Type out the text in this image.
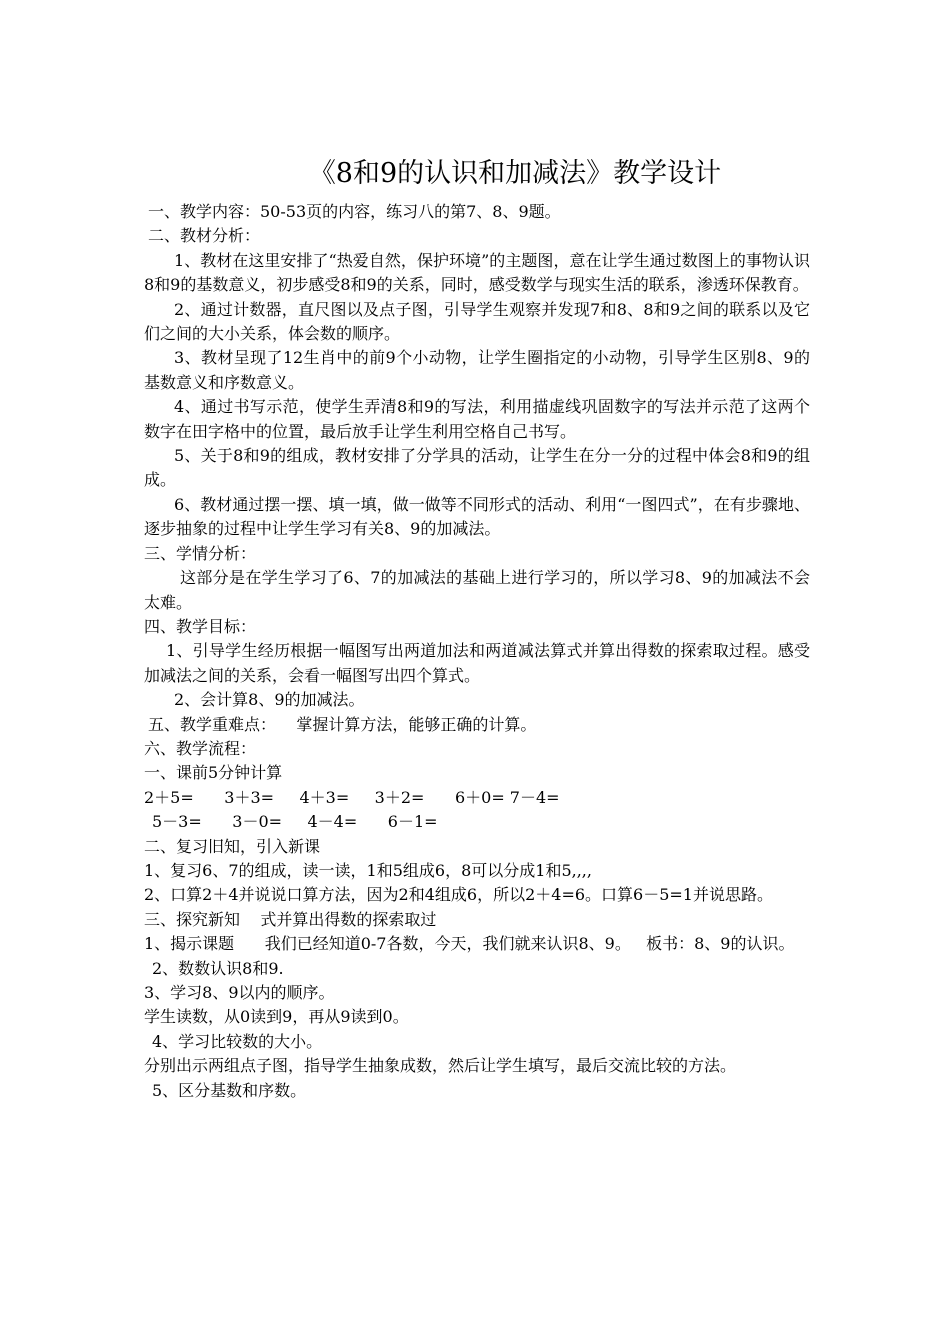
《8和9的认识和加减法》教学设计

一、教学内容：50-53页的内容，练习八的第7、8、9题。

二、教材分析：

1、教材在这里安排了“热爱自然，保护环境”的主题图，意在让学生通过数图上的事物认识8和9的基数意义，初步感受8和9的关系，同时，感受数学与现实生活的联系，渗透环保教育。

2、通过计数器，直尺图以及点子图，引导学生观察并发现7和8、8和9之间的联系以及它们之间的大小关系，体会数的顺序。

3、教材呈现了12生肖中的前9个小动物，让学生圈指定的小动物，引导学生区别8、9的基数意义和序数意义。

4、通过书写示范，使学生弄清8和9的写法，利用描虚线巩固数字的写法并示范了这两个数字在田字格中的位置，最后放手让学生利用空格自己书写。

5、关于8和9的组成，教材安排了分学具的活动，让学生在分一分的过程中体会8和9的组成。

6、教材通过摆一摆、填一填，做一做等不同形式的活动、利用“一图四式”，在有步骤地、逐步抽象的过程中让学生学习有关8、9的加减法。

三、学情分析：

这部分是在学生学习了6、7的加减法的基础上进行学习的，所以学习8、9的加减法不会太难。

四、教学目标：

1、引导学生经历根据一幅图写出两道加法和两道减法算式并算出得数的探索取过程。感受加减法之间的关系，会看一幅图写出四个算式。

2、会计算8、9的加减法。

五、教学重难点：    掌握计算方法，能够正确的计算。

六、教学流程：

一、课前5分钟计算

2＋5=      3＋3=     4＋3=     3＋2=      6＋0= 7－4=

5－3=      3－0=     4－4=      6－1=

二、复习旧知，引入新课

1、复习6、7的组成，读一读，1和5组成6，8可以分成1和5,,,,

2、口算2＋4并说说口算方法，因为2和4组成6，所以2＋4=6。口算6－5=1并说思路。

三、探究新知    式并算出得数的探索取过

1、揭示课题      我们已经知道0-7各数，今天，我们就来认识8、9。   板书：8、9的认识。

2、数数认识8和9.

3、学习8、9以内的顺序。

学生读数，从0读到9，再从9读到0。

4、学习比较数的大小。

分别出示两组点子图，指导学生抽象成数，然后让学生填写，最后交流比较的方法。

5、区分基数和序数。
